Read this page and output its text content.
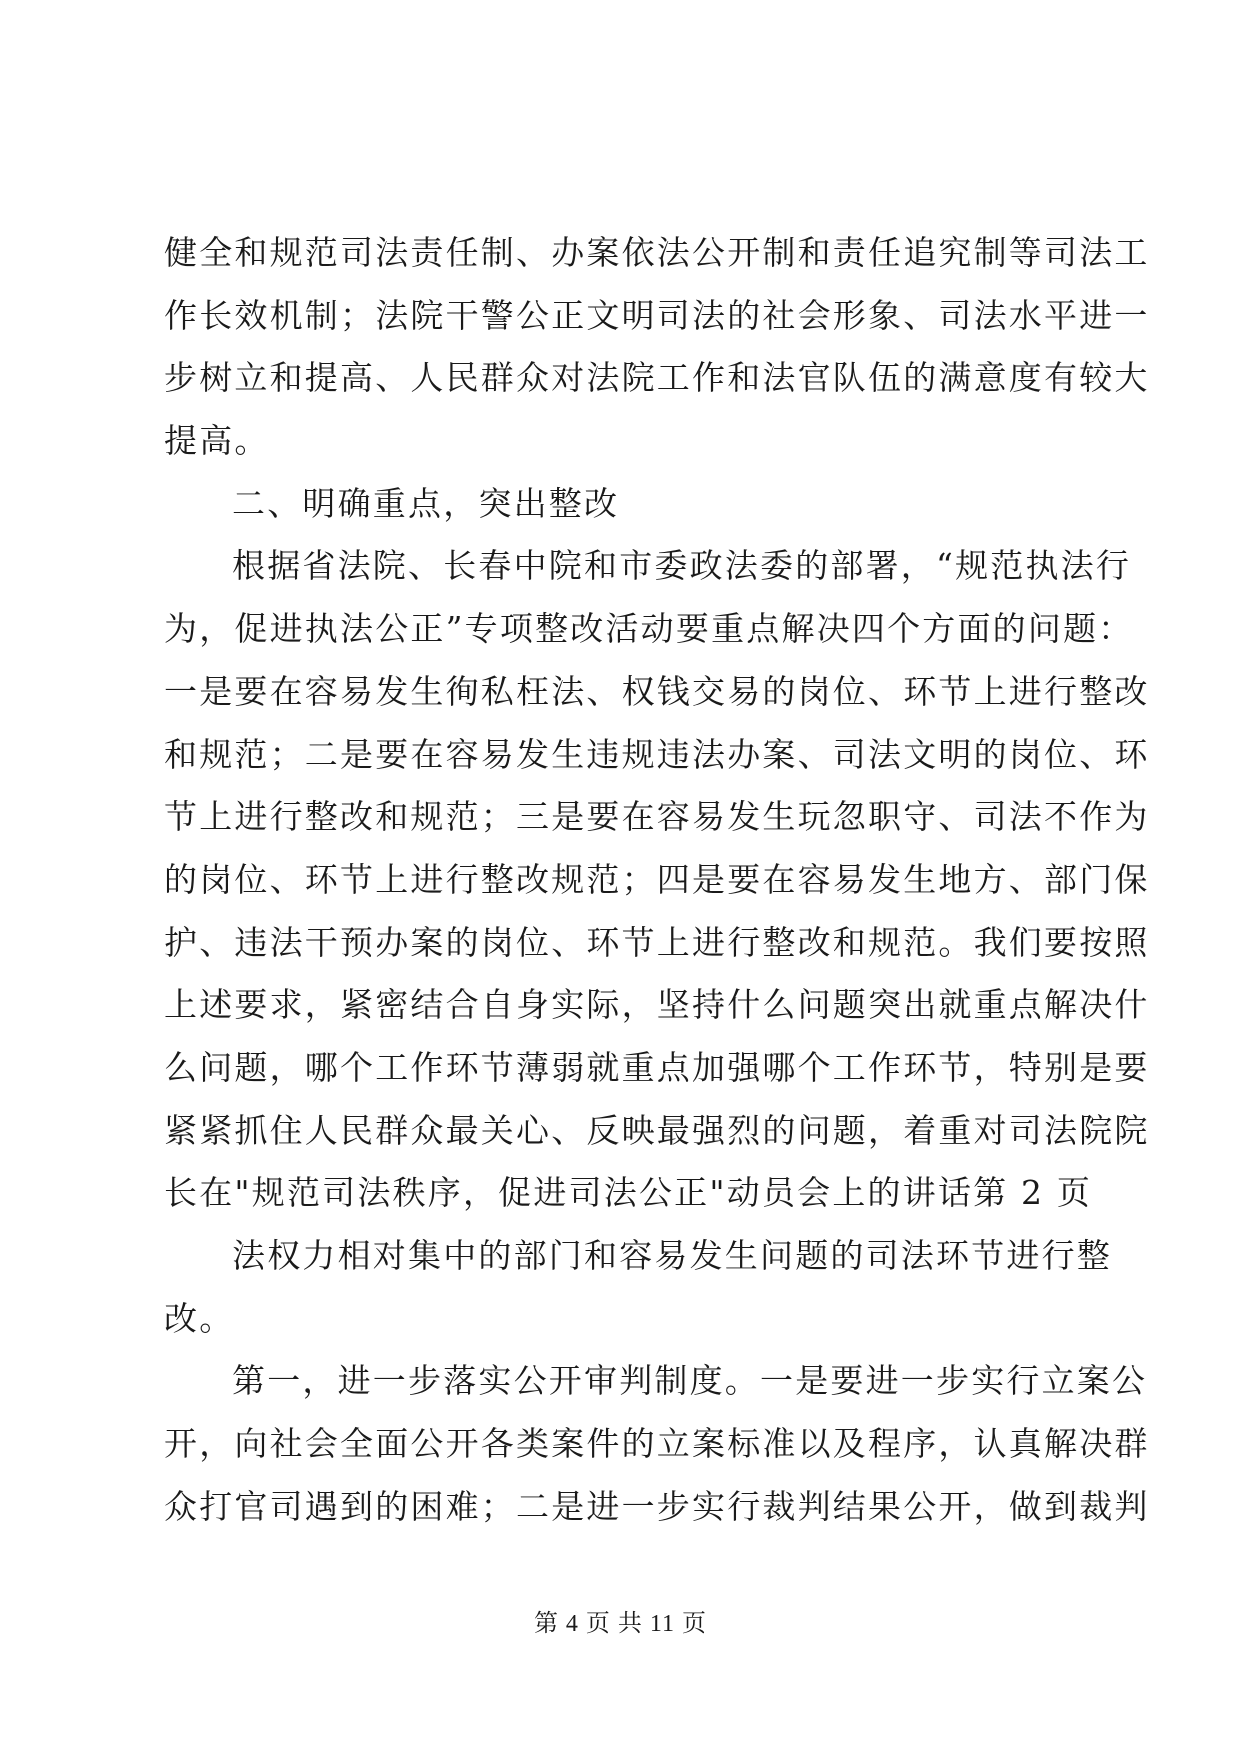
健全和规范司法责任制、办案依法公开制和责任追究制等司法工
作长效机制；法院干警公正文明司法的社会形象、司法水平进一
步树立和提高、人民群众对法院工作和法官队伍的满意度有较大
提高。
二、明确重点，突出整改
根据省法院、长春中院和市委政法委的部署，“规范执法行
为，促进执法公正”专项整改活动要重点解决四个方面的问题：
一是要在容易发生徇私枉法、权钱交易的岗位、环节上进行整改
和规范；二是要在容易发生违规违法办案、司法文明的岗位、环
节上进行整改和规范；三是要在容易发生玩忽职守、司法不作为
的岗位、环节上进行整改规范；四是要在容易发生地方、部门保
护、违法干预办案的岗位、环节上进行整改和规范。我们要按照
上述要求，紧密结合自身实际，坚持什么问题突出就重点解决什
么问题，哪个工作环节薄弱就重点加强哪个工作环节，特别是要
紧紧抓住人民群众最关心、反映最强烈的问题，着重对司法院院
长在"规范司法秩序，促进司法公正"动员会上的讲话第 2 页
法权力相对集中的部门和容易发生问题的司法环节进行整
改。
第一，进一步落实公开审判制度。一是要进一步实行立案公
开，向社会全面公开各类案件的立案标准以及程序，认真解决群
众打官司遇到的困难；二是进一步实行裁判结果公开，做到裁判
第 4 页 共 11 页
